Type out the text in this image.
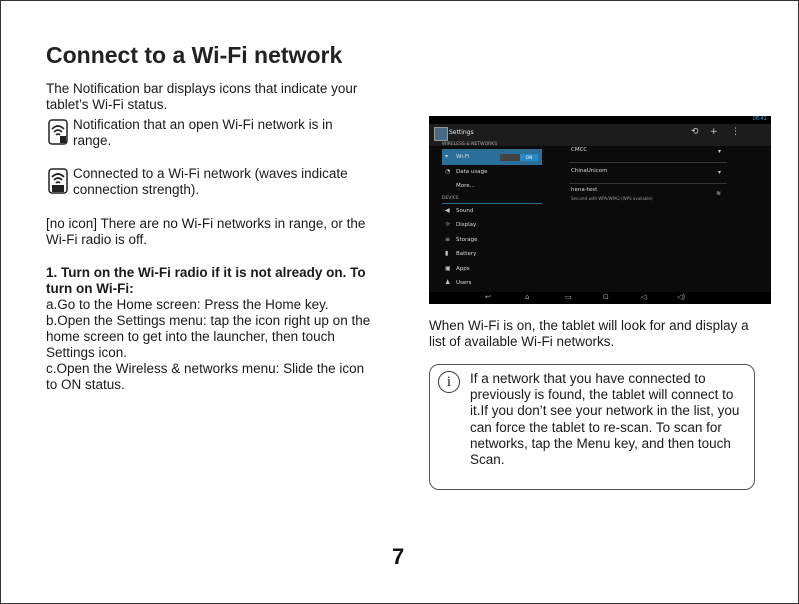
Connect to a Wi-Fi network
The Notification bar displays icons that indicate your tablet’s Wi-Fi status.
Notification that an open Wi-Fi network is in range.
Connected to a Wi-Fi network (waves indicate connection strength).
[no icon] There are no Wi-Fi networks in range, or the Wi-Fi radio is off.

1. Turn on the Wi-Fi radio if it is not already on. To turn on Wi-Fi:

a.Go to the Home screen: Press the Home key.

b.Open the Settings menu: tap the icon right up on the home screen to get into the launcher, then touch Settings icon.

c.Open the Wireless & networks menu: Slide the icon to ON status.

08:41
Settings	⟲ + ⋮
WIRELESS & NETWORKS
▾ Wi-Fi	ON
◔ Data usage
More...
DEVICE
◀ Sound
☼ Display
≡ Storage
▮ Battery
▣ Apps
♟ Users
CMCC	▾
ChinaUnicom	▾
hena-test
Secured with WPA/WPA2 (WPS available)
≋
↩	⌂	▭	⊡	◁	◁)
When Wi-Fi is on, the tablet will look for and display a list of available Wi-Fi networks.
i	If a network that you have connected to previously is found, the tablet will connect to it.If you don’t see your network in the list, you can force the tablet to re-scan. To scan for networks, tap the Menu key, and then touch Scan.
7
